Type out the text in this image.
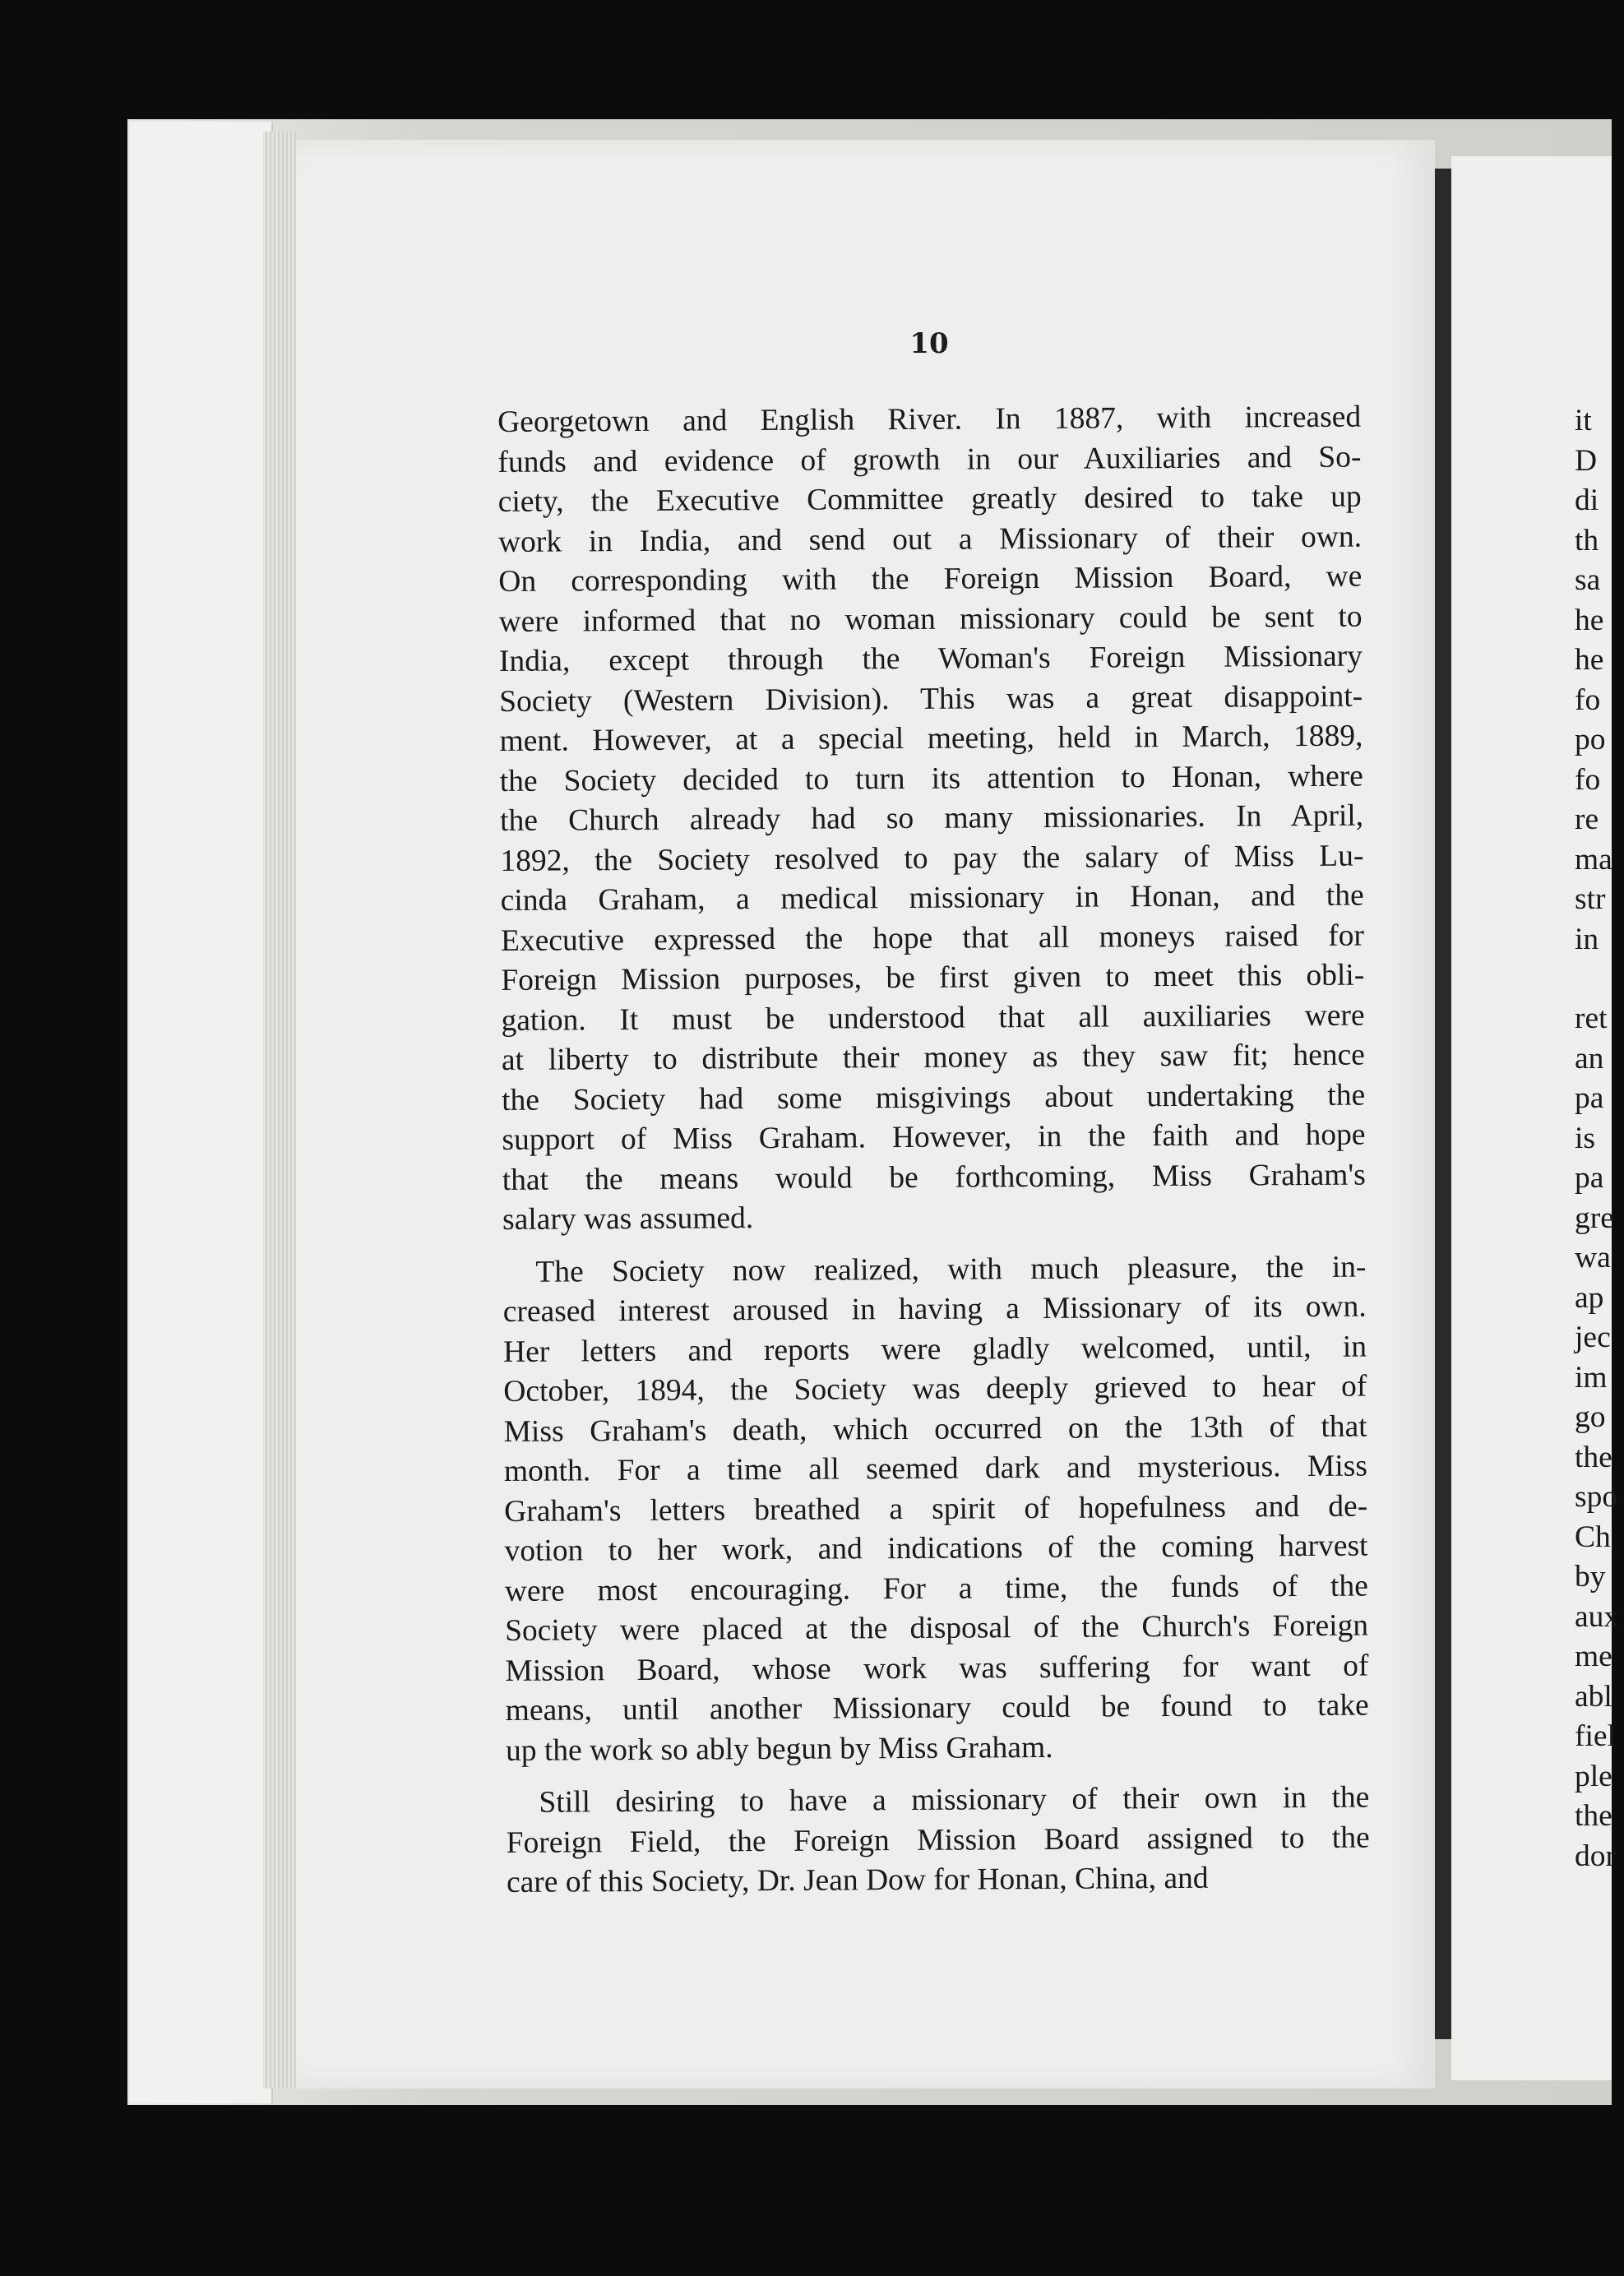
10
Georgetown and English River. In 1887, with increased
funds and evidence of growth in our Auxiliaries and So-
ciety, the Executive Committee greatly desired to take up
work in India, and send out a Missionary of their own.
On corresponding with the Foreign Mission Board, we
were informed that no woman missionary could be sent to
India, except through the Woman's Foreign Missionary
Society (Western Division). This was a great disappoint-
ment. However, at a special meeting, held in March, 1889,
the Society decided to turn its attention to Honan, where
the Church already had so many missionaries. In April,
1892, the Society resolved to pay the salary of Miss Lu-
cinda Graham, a medical missionary in Honan, and the
Executive expressed the hope that all moneys raised for
Foreign Mission purposes, be first given to meet this obli-
gation. It must be understood that all auxiliaries were
at liberty to distribute their money as they saw fit; hence
the Society had some misgivings about undertaking the
support of Miss Graham. However, in the faith and hope
that the means would be forthcoming, Miss Graham's
salary was assumed.
The Society now realized, with much pleasure, the in-
creased interest aroused in having a Missionary of its own.
Her letters and reports were gladly welcomed, until, in
October, 1894, the Society was deeply grieved to hear of
Miss Graham's death, which occurred on the 13th of that
month. For a time all seemed dark and mysterious. Miss
Graham's letters breathed a spirit of hopefulness and de-
votion to her work, and indications of the coming harvest
were most encouraging. For a time, the funds of the
Society were placed at the disposal of the Church's Foreign
Mission Board, whose work was suffering for want of
means, until another Missionary could be found to take
up the work so ably begun by Miss Graham.
Still desiring to have a missionary of their own in the
Foreign Field, the Foreign Mission Board assigned to the
care of this Society, Dr. Jean Dow for Honan, China, and
it
D
di
th
sa
he
he
fo
po
fo
re
ma
str
in
ret
an
pa
is
pa
gre
wa
ap
jec
im
go
the
spo
Ch
by
aux
me
abl
fiel
ple
the
dor
